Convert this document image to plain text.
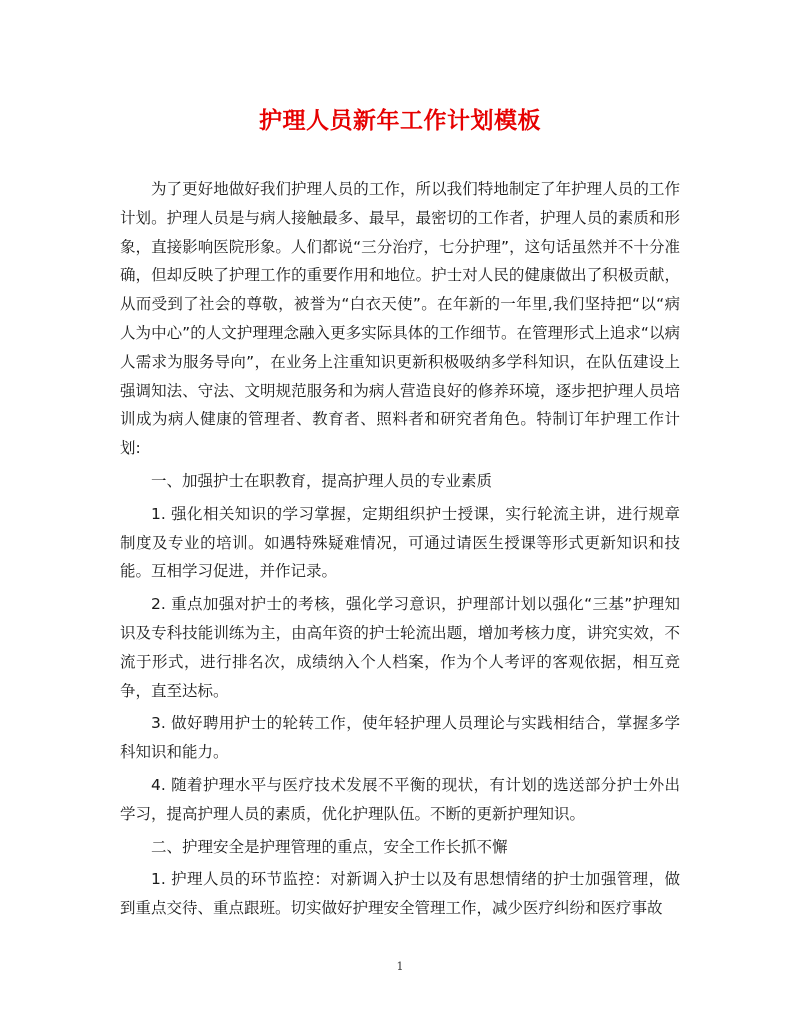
护理人员新年工作计划模板

为了更好地做好我们护理人员的工作，所以我们特地制定了年护理人员的工作计划。护理人员是与病人接触最多、最早，最密切的工作者，护理人员的素质和形象，直接影响医院形象。人们都说“三分治疗，七分护理”，这句话虽然并不十分准确，但却反映了护理工作的重要作用和地位。护士对人民的健康做出了积极贡献，从而受到了社会的尊敬，被誉为“白衣天使”。在年新的一年里,我们坚持把“以“病人为中心”的人文护理理念融入更多实际具体的工作细节。在管理形式上追求“以病人需求为服务导向”，在业务上注重知识更新积极吸纳多学科知识，在队伍建设上强调知法、守法、文明规范服务和为病人营造良好的修养环境，逐步把护理人员培训成为病人健康的管理者、教育者、照料者和研究者角色。特制订年护理工作计划:

一、加强护士在职教育，提高护理人员的专业素质

1. 强化相关知识的学习掌握，定期组织护士授课，实行轮流主讲，进行规章制度及专业的培训。如遇特殊疑难情况，可通过请医生授课等形式更新知识和技能。互相学习促进，并作记录。

2. 重点加强对护士的考核，强化学习意识，护理部计划以强化“三基”护理知识及专科技能训练为主，由高年资的护士轮流出题，增加考核力度，讲究实效，不流于形式，进行排名次，成绩纳入个人档案，作为个人考评的客观依据，相互竞争，直至达标。

3. 做好聘用护士的轮转工作，使年轻护理人员理论与实践相结合，掌握多学科知识和能力。

4. 随着护理水平与医疗技术发展不平衡的现状，有计划的选送部分护士外出学习，提高护理人员的素质，优化护理队伍。不断的更新护理知识。

二、护理安全是护理管理的重点，安全工作长抓不懈

1. 护理人员的环节监控：对新调入护士以及有思想情绪的护士加强管理，做到重点交待、重点跟班。切实做好护理安全管理工作，减少医疗纠纷和医疗事故

1
